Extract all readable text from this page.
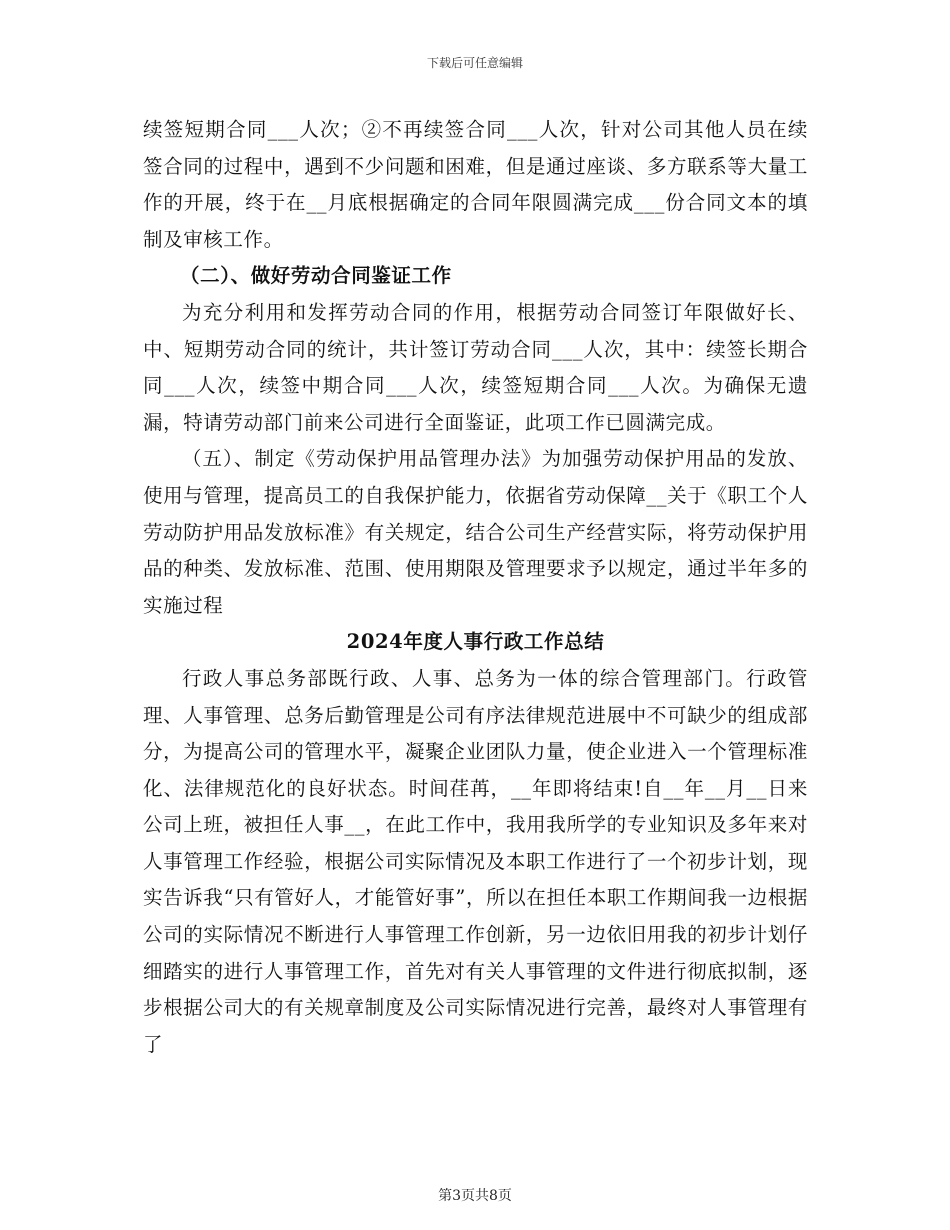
下载后可任意编辑

续签短期合同___人次；②不再续签合同___人次，针对公司其他人员在续签合同的过程中，遇到不少问题和困难，但是通过座谈、多方联系等大量工作的开展，终于在__月底根据确定的合同年限圆满完成___份合同文本的填制及审核工作。

（二）、做好劳动合同鉴证工作

为充分利用和发挥劳动合同的作用，根据劳动合同签订年限做好长、中、短期劳动合同的统计，共计签订劳动合同___人次，其中：续签长期合同___人次，续签中期合同___人次，续签短期合同___人次。为确保无遗漏，特请劳动部门前来公司进行全面鉴证，此项工作已圆满完成。

（五）、制定《劳动保护用品管理办法》为加强劳动保护用品的发放、使用与管理，提高员工的自我保护能力，依据省劳动保障__关于《职工个人劳动防护用品发放标准》有关规定，结合公司生产经营实际，将劳动保护用品的种类、发放标准、范围、使用期限及管理要求予以规定，通过半年多的实施过程

2024年度人事行政工作总结

行政人事总务部既行政、人事、总务为一体的综合管理部门。行政管理、人事管理、总务后勤管理是公司有序法律规范进展中不可缺少的组成部分，为提高公司的管理水平，凝聚企业团队力量，使企业进入一个管理标准化、法律规范化的良好状态。时间荏苒，__年即将结束!自__年__月__日来公司上班，被担任人事__，在此工作中，我用我所学的专业知识及多年来对人事管理工作经验，根据公司实际情况及本职工作进行了一个初步计划，现实告诉我“只有管好人，才能管好事”，所以在担任本职工作期间我一边根据公司的实际情况不断进行人事管理工作创新，另一边依旧用我的初步计划仔细踏实的进行人事管理工作，首先对有关人事管理的文件进行彻底拟制，逐步根据公司大的有关规章制度及公司实际情况进行完善，最终对人事管理有了

第3页共8页
